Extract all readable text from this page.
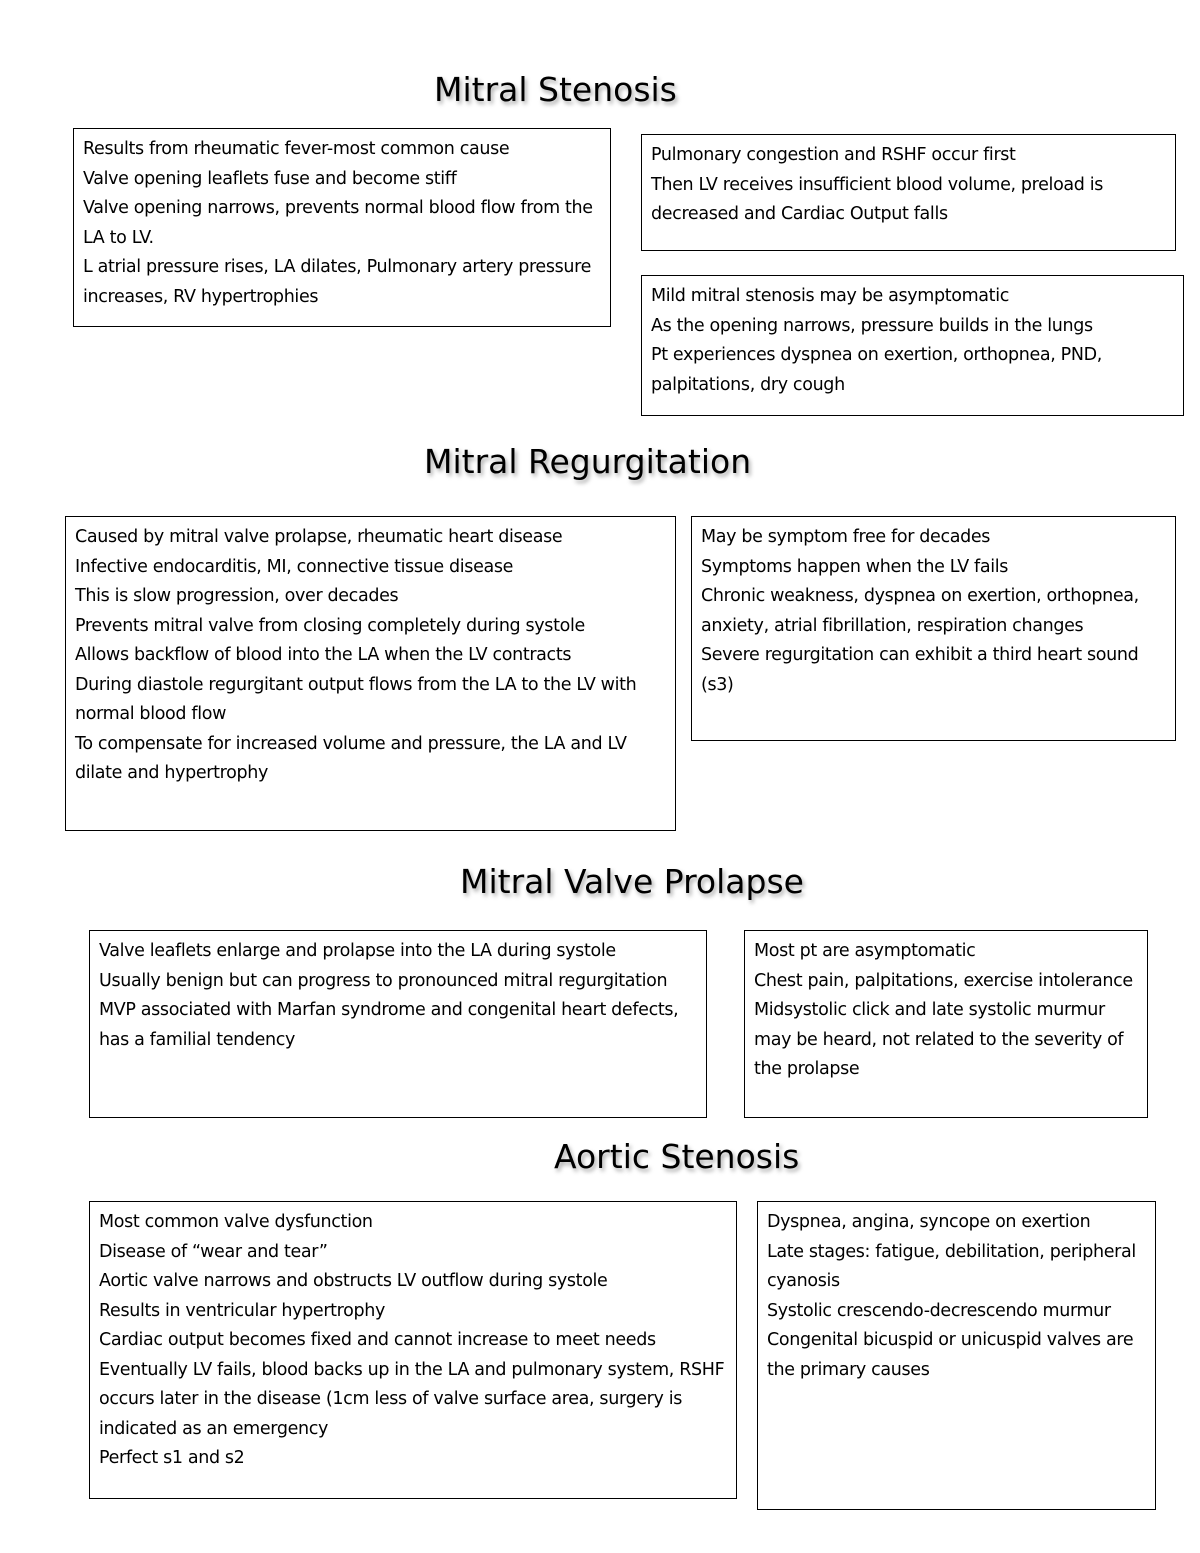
Mitral Stenosis
Results from rheumatic fever-most common cause
Valve opening leaflets fuse and become stiff
Valve opening narrows, prevents normal blood flow from the LA to LV.
L atrial pressure rises, LA dilates, Pulmonary artery pressure increases, RV hypertrophies
Pulmonary congestion and RSHF occur first
Then LV receives insufficient blood volume, preload is decreased and Cardiac Output falls
Mild mitral stenosis may be asymptomatic
As the opening narrows, pressure builds in the lungs
Pt experiences dyspnea on exertion, orthopnea, PND, palpitations, dry cough
Mitral Regurgitation
Caused by mitral valve prolapse, rheumatic heart disease
Infective endocarditis, MI, connective tissue disease
This is slow progression, over decades
Prevents mitral valve from closing completely during systole
Allows backflow of blood into the LA when the LV contracts
During diastole regurgitant output flows from the LA to the LV with normal blood flow
To compensate for increased volume and pressure, the LA and LV dilate and hypertrophy
May be symptom free for decades
Symptoms happen when the LV fails
Chronic weakness, dyspnea on exertion, orthopnea, anxiety, atrial fibrillation, respiration changes
Severe regurgitation can exhibit a third heart sound (s3)
Mitral Valve Prolapse
Valve leaflets enlarge and prolapse into the LA during systole
Usually benign but can progress to pronounced mitral regurgitation
MVP associated with Marfan syndrome and congenital heart defects, has a familial tendency
Most pt are asymptomatic
Chest pain, palpitations, exercise intolerance
Midsystolic click and late systolic murmur may be heard, not related to the severity of the prolapse
Aortic Stenosis
Most common valve dysfunction
Disease of “wear and tear”
Aortic valve narrows and obstructs LV outflow during systole
Results in ventricular hypertrophy
Cardiac output becomes fixed and cannot increase to meet needs
Eventually LV fails, blood backs up in the LA and pulmonary system, RSHF occurs later in the disease (1cm less of valve surface area, surgery is indicated as an emergency
Perfect s1 and s2
Dyspnea, angina, syncope on exertion
Late stages: fatigue, debilitation, peripheral cyanosis
Systolic crescendo-decrescendo murmur
Congenital bicuspid or unicuspid valves are the primary causes
